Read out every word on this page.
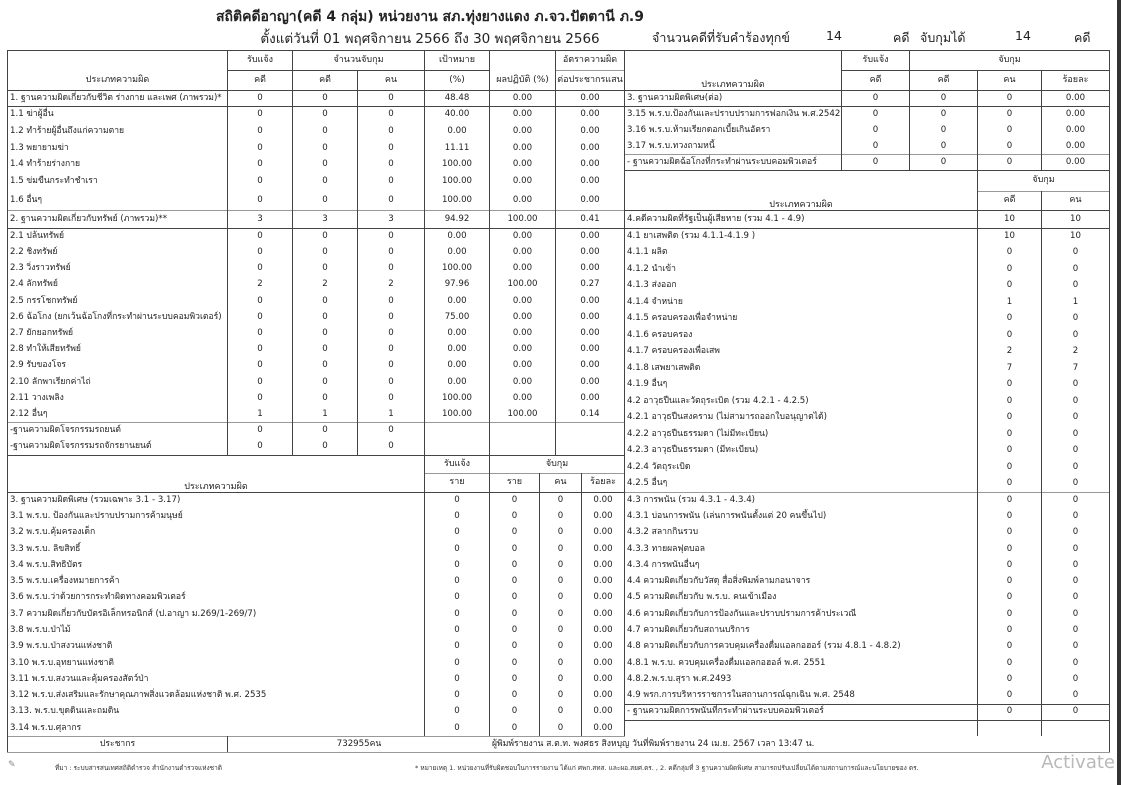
สถิติคดีอาญา(คดี 4 กลุ่ม) หน่วยงาน สภ.ทุ่งยางแดง ภ.จว.ปัตตานี ภ.9
ตั้งแต่วันที่ 01 พฤศจิกายน 2566 ถึง 30 พฤศจิกายน 2566	จำนวนคดีที่รับคำร้องทุกข์	14	คดี จับกุมได้	14	คดี
รับแจ้ง	จำนวนจับกุม	เป้าหมาย	อัตราความผิด
ประเภทความผิด	คดี	คดี	คน	(%)	ผลปฏิบัติ (%) ต่อประชากรแสน
1. ฐานความผิดเกี่ยวกับชีวิต ร่างกาย และเพศ (ภาพรวม)*	0	0	0	48.48	0.00	0.00
1.1 ฆ่าผู้อื่น	0	0	0	40.00	0.00	0.00
1.2 ทำร้ายผู้อื่นถึงแก่ความตาย	0	0	0	0.00	0.00	0.00
1.3 พยายามฆ่า	0	0	0	11.11	0.00	0.00
1.4 ทำร้ายร่างกาย	0	0	0	100.00	0.00	0.00
1.5 ข่มขืนกระทำชำเรา	0	0	0	100.00	0.00	0.00
1.6 อื่นๆ	0	0	0	100.00	0.00	0.00
2. ฐานความผิดเกี่ยวกับทรัพย์ (ภาพรวม)**	3	3	3	94.92	100.00	0.41
2.1 ปล้นทรัพย์	0	0	0	0.00	0.00	0.00
2.2 ชิงทรัพย์	0	0	0	0.00	0.00	0.00
2.3 วิ่งราวทรัพย์	0	0	0	100.00	0.00	0.00
2.4 ลักทรัพย์	2	2	2	97.96	100.00	0.27
2.5 กรรโชกทรัพย์	0	0	0	0.00	0.00	0.00
2.6 ฉ้อโกง (ยกเว้นฉ้อโกงที่กระทำผ่านระบบคอมพิวเตอร์)	0	0	0	75.00	0.00	0.00
2.7 ยักยอกทรัพย์	0	0	0	0.00	0.00	0.00
2.8 ทำให้เสียทรัพย์	0	0	0	0.00	0.00	0.00
2.9 รับของโจร	0	0	0	0.00	0.00	0.00
2.10 ลักพาเรียกค่าไถ่	0	0	0	0.00	0.00	0.00
2.11 วางเพลิง	0	0	0	100.00	0.00	0.00
2.12 อื่นๆ	1	1	1	100.00	100.00	0.14
-ฐานความผิดโจรกรรมรถยนต์	0	0	0
-ฐานความผิดโจรกรรมรถจักรยานยนต์	0	0	0
ประเภทความผิด
รับแจ้ง	จับกุม
ราย	ราย	คน	ร้อยละ
3. ฐานความผิดพิเศษ (รวมเฉพาะ 3.1 - 3.17)	0	0	0	0.00
3.1 พ.ร.บ. ป้องกันและปราบปรามการค้ามนุษย์	0	0	0	0.00
3.2 พ.ร.บ.คุ้มครองเด็ก	0	0	0	0.00
3.3 พ.ร.บ. ลิขสิทธิ์	0	0	0	0.00
3.4 พ.ร.บ.สิทธิบัตร	0	0	0	0.00
3.5 พ.ร.บ.เครื่องหมายการค้า	0	0	0	0.00
3.6 พ.ร.บ.ว่าด้วยการกระทำผิดทางคอมพิวเตอร์	0	0	0	0.00
3.7 ความผิดเกี่ยวกับบัตรอิเล็กทรอนิกส์ (ป.อาญา ม.269/1-269/7)	0	0	0	0.00
3.8 พ.ร.บ.ป่าไม้	0	0	0	0.00
3.9 พ.ร.บ.ป่าสงวนแห่งชาติ	0	0	0	0.00
3.10 พ.ร.บ.อุทยานแห่งชาติ	0	0	0	0.00
3.11 พ.ร.บ.สงวนและคุ้มครองสัตว์ป่า	0	0	0	0.00
3.12 พ.ร.บ.ส่งเสริมและรักษาคุณภาพสิ่งแวดล้อมแห่งชาติ พ.ศ. 2535	0	0	0	0.00
3.13. พ.ร.บ.ขุดดินและถมดิน	0	0	0	0.00
3.14 พ.ร.บ.ศุลากร	0	0	0	0.00
ประชากร	732955คน	ผู้พิมพ์รายงาน ส.ต.ท. พงศธร สิงหบุญ วันที่พิมพ์รายงาน 24 เม.ย. 2567 เวลา 13:47 น.
ประเภทความผิด
รับแจ้ง	จับกุม
คดี	คดี	คน	ร้อยละ
3. ฐานความผิดพิเศษ(ต่อ)	0	0	0	0.00
3.15 พ.ร.บ.ป้องกันและปราบปรามการฟอกเงิน พ.ศ.2542	0	0	0	0.00
3.16 พ.ร.บ.ห้ามเรียกดอกเบี้ยเกินอัตรา	0	0	0	0.00
3.17 พ.ร.บ.ทวงถามหนี้	0	0	0	0.00
- ฐานความผิดฉ้อโกงที่กระทำผ่านระบบคอมพิวเตอร์	0	0	0	0.00
ประเภทความผิด
จับกุม
คดี	คน
4.คดีความผิดที่รัฐเป็นผู้เสียหาย (รวม 4.1 - 4.9)	10	10
4.1 ยาเสพติด (รวม 4.1.1-4.1.9 )	10	10
4.1.1 ผลิต	0	0
4.1.2 นำเข้า	0	0
4.1.3 ส่งออก	0	0
4.1.4 จำหน่าย	1	1
4.1.5 ครอบครองเพื่อจำหน่าย	0	0
4.1.6 ครอบครอง	0	0
4.1.7 ครอบครองเพื่อเสพ	2	2
4.1.8 เสพยาเสพติด	7	7
4.1.9 อื่นๆ	0	0
4.2 อาวุธปืนและวัตถุระเบิด (รวม 4.2.1 - 4.2.5)	0	0
4.2.1 อาวุธปืนสงคราม (ไม่สามารถออกใบอนุญาตได้)	0	0
4.2.2 อาวุธปืนธรรมดา (ไม่มีทะเบียน)	0	0
4.2.3 อาวุธปืนธรรมดา (มีทะเบียน)	0	0
4.2.4 วัตถุระเบิด	0	0
4.2.5 อื่นๆ	0	0
4.3 การพนัน (รวม 4.3.1 - 4.3.4)	0	0
4.3.1 บ่อนการพนัน (เล่นการพนันตั้งแต่ 20 คนขึ้นไป)	0	0
4.3.2 สลากกินรวบ	0	0
4.3.3 ทายผลฟุตบอล	0	0
4.3.4 การพนันอื่นๆ	0	0
4.4 ความผิดเกี่ยวกับวัสดุ สื่อสิ่งพิมพ์ลามกอนาจาร	0	0
4.5 ความผิดเกี่ยวกับ พ.ร.บ. คนเข้าเมือง	0	0
4.6 ความผิดเกี่ยวกับการป้องกันและปราบปรามการค้าประเวณี	0	0
4.7 ความผิดเกี่ยวกับสถานบริการ	0	0
4.8 ความผิดเกี่ยวกับการควบคุมเครื่องดื่มแอลกอฮอร์ (รวม 4.8.1 - 4.8.2)	0	0
4.8.1 พ.ร.บ. ควบคุมเครื่องดื่มแอลกอฮอล์ พ.ศ. 2551	0	0
4.8.2.พ.ร.บ.สุรา พ.ศ.2493	0	0
4.9 พรก.การบริหารราชการในสถานการณ์ฉุกเฉิน พ.ศ. 2548	0	0
- ฐานความผิดการพนันที่กระทำผ่านระบบคอมพิวเตอร์	0	0
✎	ที่มา : ระบบสารสนเทศสถิติตำรวจ สำนักงานตำรวจแห่งชาติ	* หมายเหตุ 1. หน่วยงานที่รับผิดชอบในการรายงาน ได้แก่ ศพก.สทส. และผอ.สยศ.ตร. , 2. คดีกลุ่มที่ 3 ฐานความผิดพิเศษ สามารถปรับเปลี่ยนได้ตามสถานการณ์และนโยบายของ ตร.	Activate
